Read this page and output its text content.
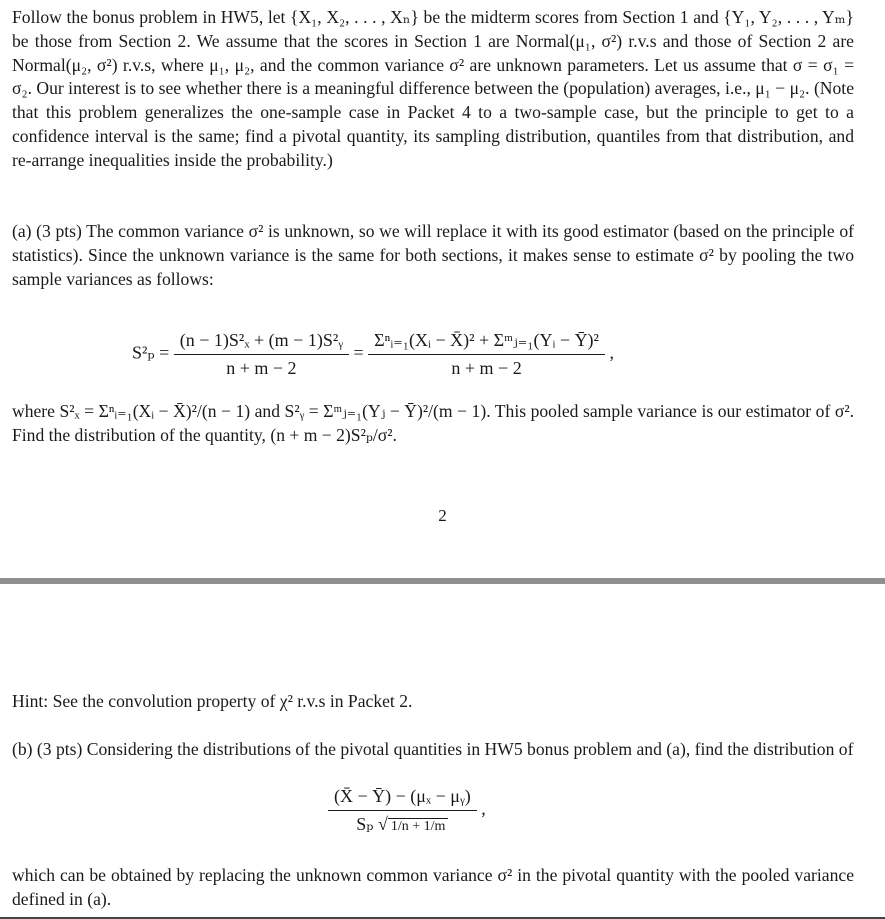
Follow the bonus problem in HW5, let {X₁, X₂, . . . , Xₙ} be the midterm scores from Section 1 and {Y₁, Y₂, . . . , Yₘ} be those from Section 2. We assume that the scores in Section 1 are Normal(μ₁, σ²) r.v.s and those of Section 2 are Normal(μ₂, σ²) r.v.s, where μ₁, μ₂, and the common variance σ² are unknown parameters. Let us assume that σ = σ₁ = σ₂. Our interest is to see whether there is a meaningful difference between the (population) averages, i.e., μ₁ − μ₂. (Note that this problem generalizes the one-sample case in Packet 4 to a two-sample case, but the principle to get to a confidence interval is the same; find a pivotal quantity, its sampling distribution, quantiles from that distribution, and re-arrange inequalities inside the probability.)

(a) (3 pts) The common variance σ² is unknown, so we will replace it with its good estimator (based on the principle of statistics). Since the unknown variance is the same for both sections, it makes sense to estimate σ² by pooling the two sample variances as follows:

$S^2_p = \frac{\text{(n − 1)S²ₓ + (m − 1)S²ᵧ}}{n + m - 2} = \frac{\text{Σⁿᵢ₌₁(Xᵢ − X̄)² + Σᵐⱼ₌₁(Yᵢ − Ȳ)²}}{n + m - 2}$ ,

where S²ₓ = Σⁿᵢ₌₁(Xᵢ − X̄)²/(n − 1) and S²ᵧ = Σᵐⱼ₌₁(Yⱼ − Ȳ)²/(m − 1). This pooled sample variance is our estimator of σ². Find the distribution of the quantity, (n + m − 2)S²ₚ/σ².

2

Hint: See the convolution property of χ² r.v.s in Packet 2.

(b) (3 pts) Considering the distributions of the pivotal quantities in HW5 bonus problem and (a), find the distribution of

$\frac{\text{(X̄ − Ȳ) − (μₓ − μᵧ)}}{\text{Sₚ √ 1/n + 1/m}}$ ,

which can be obtained by replacing the unknown common variance σ² in the pivotal quantity with the pooled variance defined in (a).
